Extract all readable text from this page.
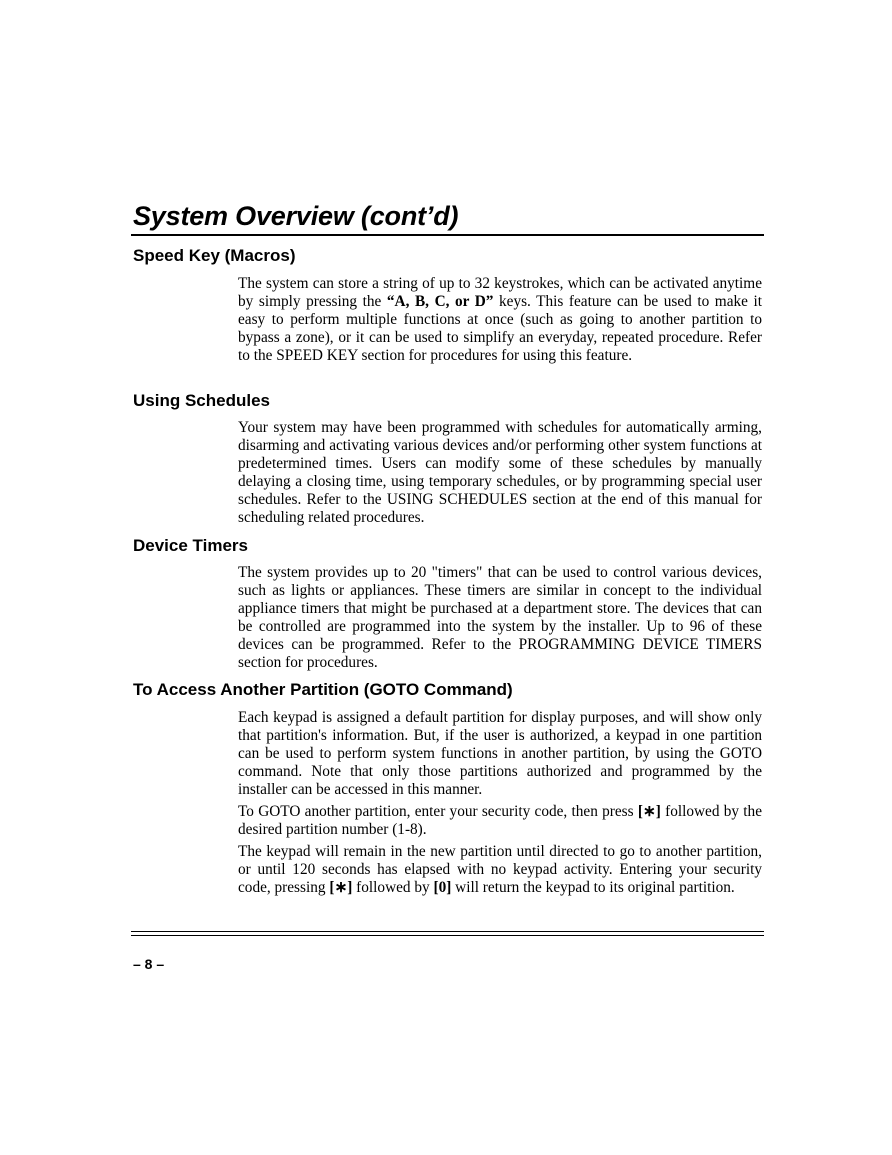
System Overview (cont’d)
Speed Key (Macros)

The system can store a string of up to 32 keystrokes, which can be activated anytime by simply pressing the “A, B, C, or D” keys. This feature can be used to make it easy to perform multiple functions at once (such as going to another partition to bypass a zone), or it can be used to simplify an everyday, repeated procedure. Refer to the SPEED KEY section for procedures for using this feature.

Using Schedules

Your system may have been programmed with schedules for automatically arming, disarming and activating various devices and/or performing other system functions at predetermined times. Users can modify some of these schedules by manually delaying a closing time, using temporary schedules, or by programming special user schedules. Refer to the USING SCHEDULES section at the end of this manual for scheduling related procedures.

Device Timers

The system provides up to 20 "timers" that can be used to control various devices, such as lights or appliances. These timers are similar in concept to the individual appliance timers that might be purchased at a department store. The devices that can be controlled are programmed into the system by the installer. Up to 96 of these devices can be programmed. Refer to the PROGRAMMING DEVICE TIMERS section for procedures.

To Access Another Partition (GOTO Command)

Each keypad is assigned a default partition for display purposes, and will show only that partition's information. But, if the user is authorized, a keypad in one partition can be used to perform system functions in another partition, by using the GOTO command. Note that only those partitions authorized and programmed by the installer can be accessed in this manner.

To GOTO another partition, enter your security code, then press [∗] followed by the desired partition number (1-8).

The keypad will remain in the new partition until directed to go to another partition, or until 120 seconds has elapsed with no keypad activity. Entering your security code, pressing [∗] followed by [0] will return the keypad to its original partition.

– 8 –
